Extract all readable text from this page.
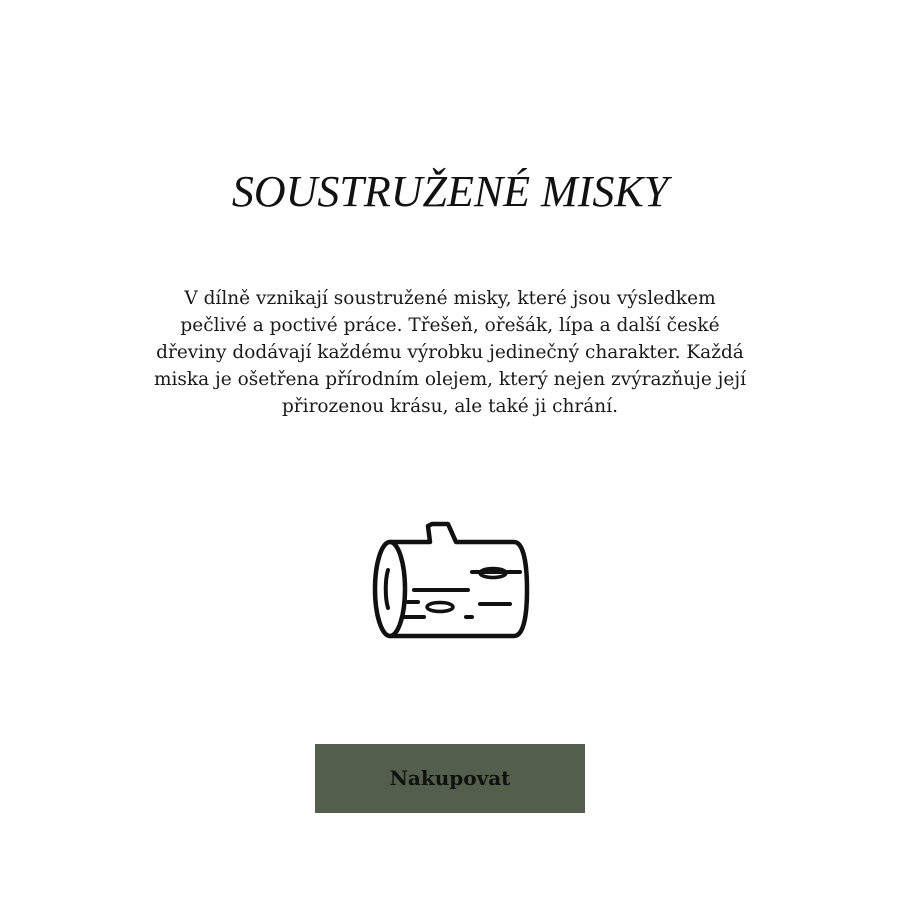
SOUSTRUŽENÉ MISKY

V dílně vznikají soustružené misky, které jsou výsledkem pečlivé a poctivé práce. Třešeň, ořešák, lípa a další české dřeviny dodávají každému výrobku jedinečný charakter. Každá miska je ošetřena přírodním olejem, který nejen zvýrazňuje její přirozenou krásu, ale také ji chrání.

Nakupovat
